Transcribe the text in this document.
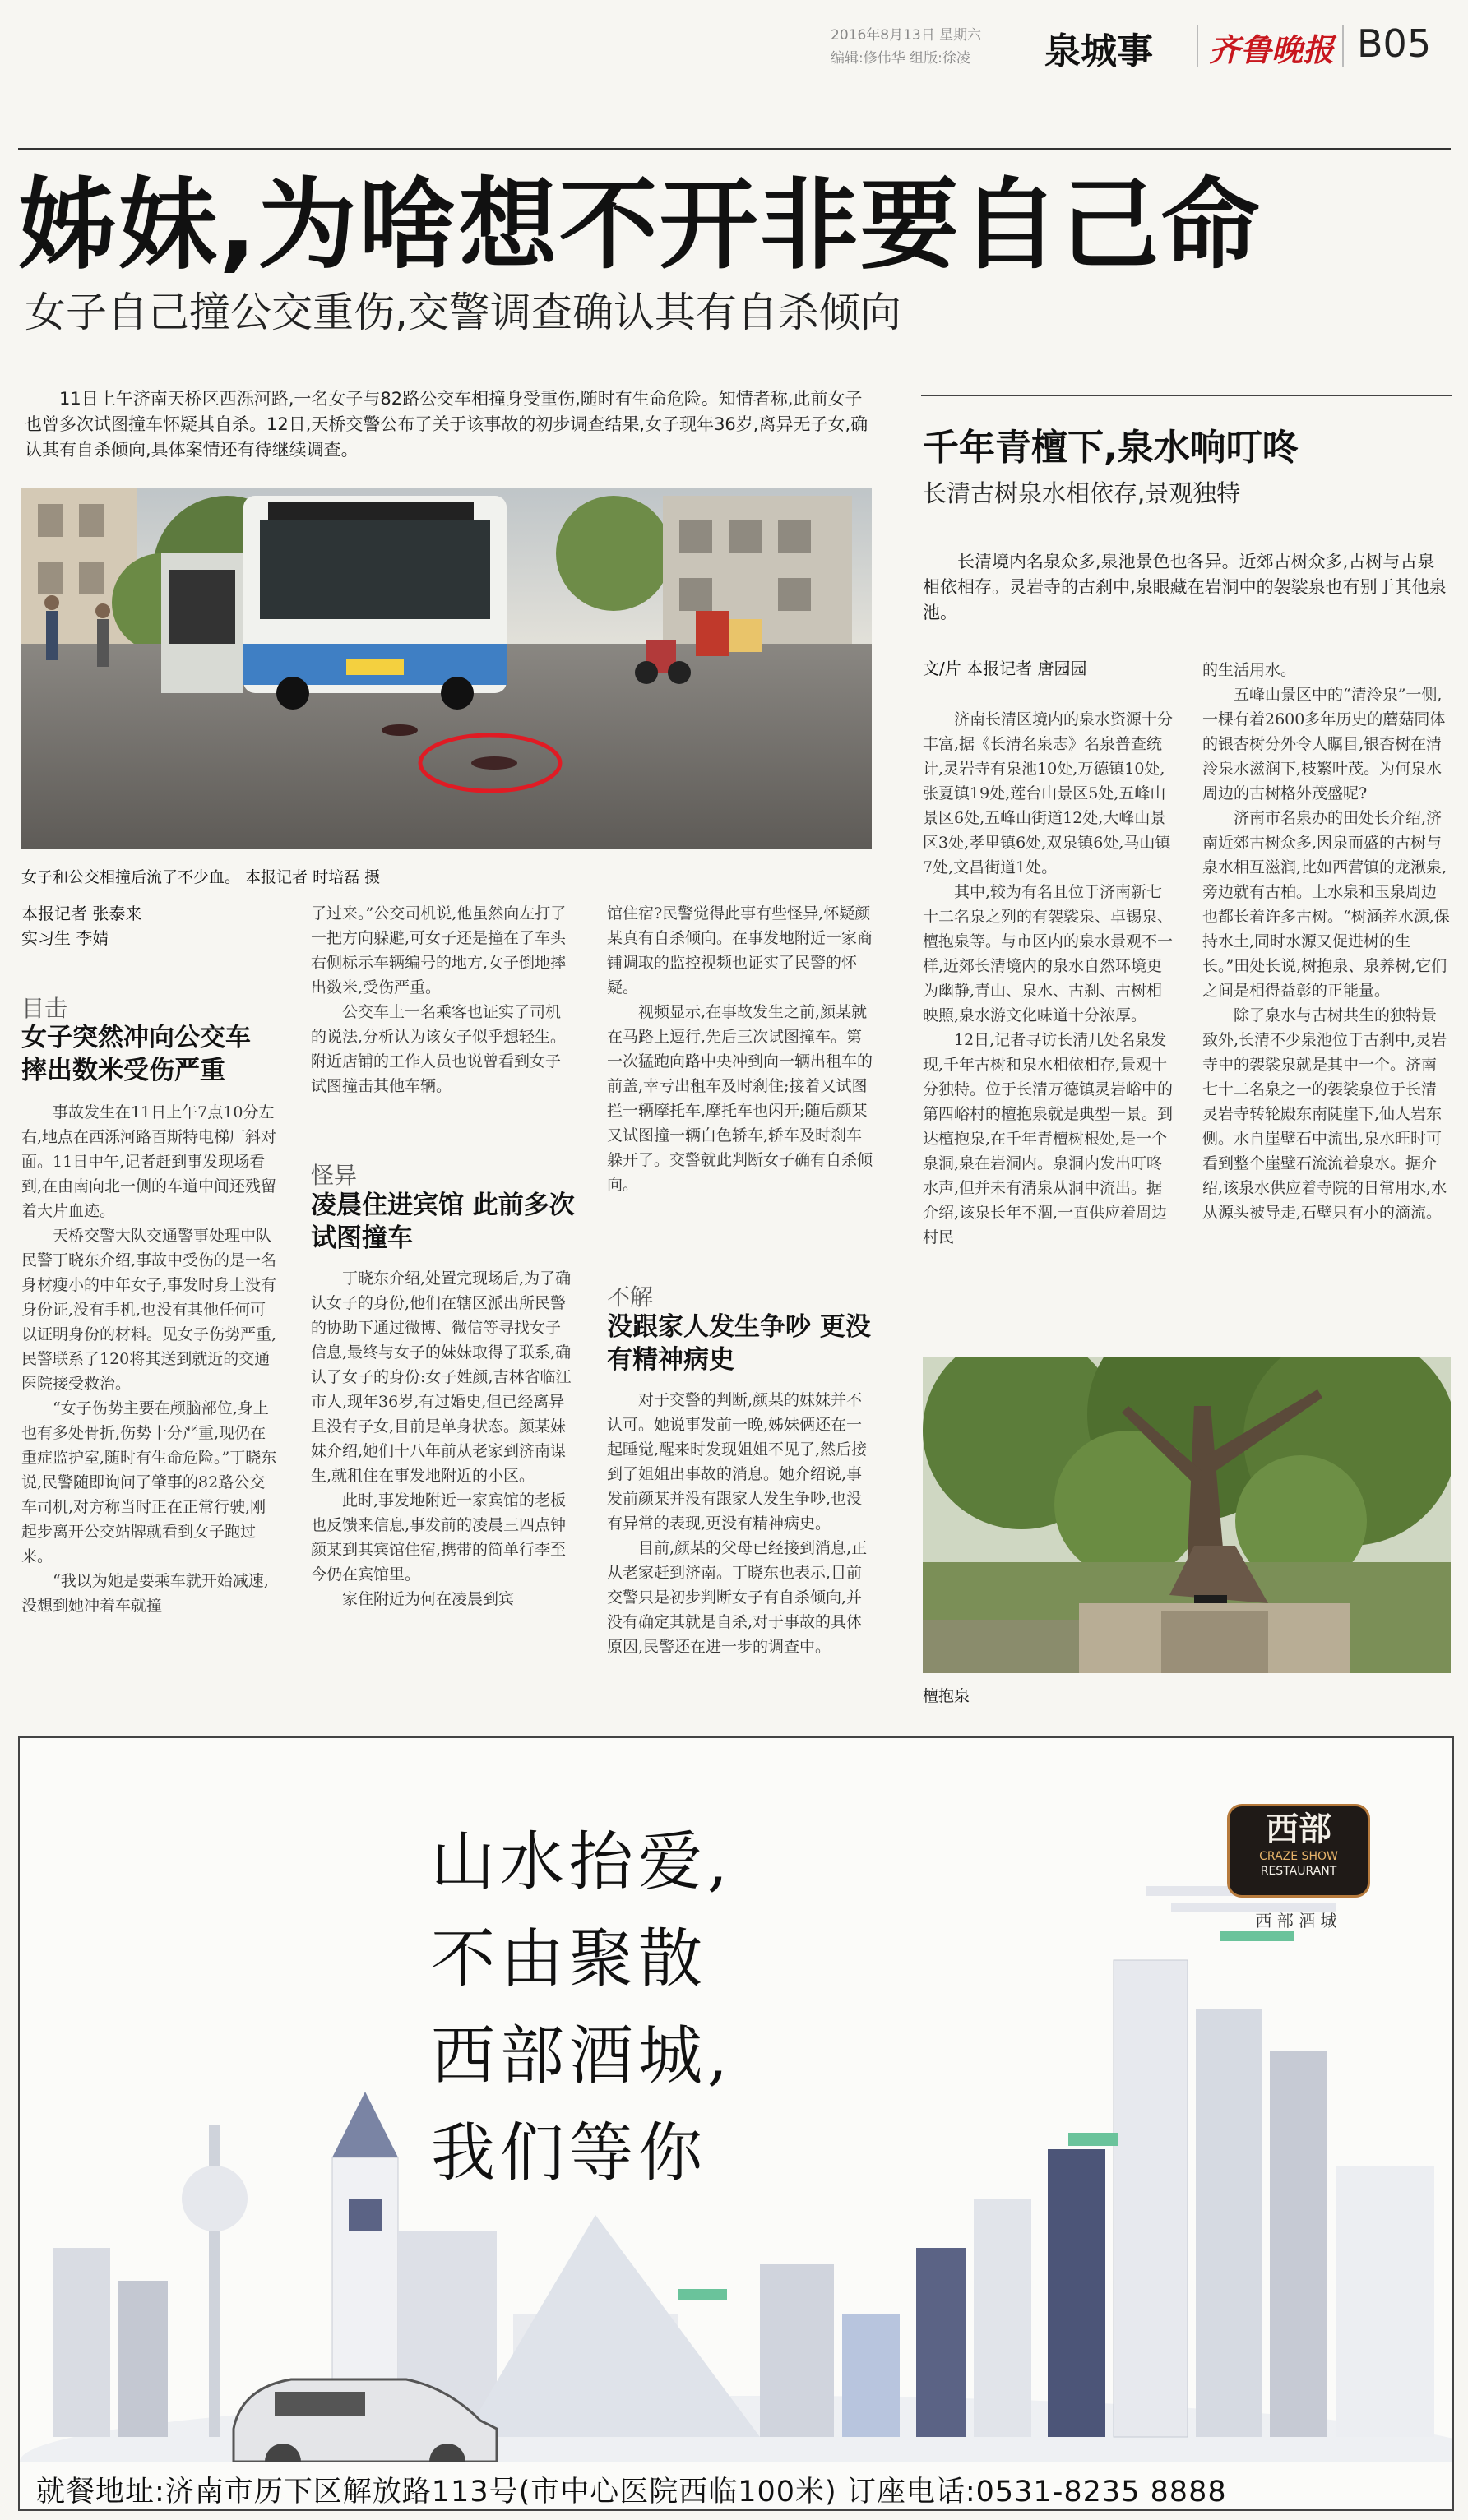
2016年8月13日 星期六
编辑:修伟华 组版:徐凌 泉城事 齐鲁晚报 B05
姊妹,为啥想不开非要自己命
女子自己撞公交重伤,交警调查确认其有自杀倾向

11日上午济南天桥区西泺河路,一名女子与82路公交车相撞身受重伤,随时有生命危险。知情者称,此前女子也曾多次试图撞车怀疑其自杀。12日,天桥交警公布了关于该事故的初步调查结果,女子现年36岁,离异无子女,确认其有自杀倾向,具体案情还有待继续调查。

女子和公交相撞后流了不少血。 本报记者 时培磊 摄
本报记者 张泰来
实习生 李婧
目击
女子突然冲向公交车 摔出数米受伤严重

事故发生在11日上午7点10分左右,地点在西泺河路百斯特电梯厂斜对面。11日中午,记者赶到事发现场看到,在由南向北一侧的车道中间还残留着大片血迹。

天桥交警大队交通警事处理中队民警丁晓东介绍,事故中受伤的是一名身材瘦小的中年女子,事发时身上没有身份证,没有手机,也没有其他任何可以证明身份的材料。见女子伤势严重,民警联系了120将其送到就近的交通医院接受救治。

“女子伤势主要在颅脑部位,身上也有多处骨折,伤势十分严重,现仍在重症监护室,随时有生命危险。”丁晓东说,民警随即询问了肇事的82路公交车司机,对方称当时正在正常行驶,刚起步离开公交站牌就看到女子跑过来。

“我以为她是要乘车就开始减速,没想到她冲着车就撞

了过来。”公交司机说,他虽然向左打了一把方向躲避,可女子还是撞在了车头右侧标示车辆编号的地方,女子倒地摔出数米,受伤严重。

公交车上一名乘客也证实了司机的说法,分析认为该女子似乎想轻生。附近店铺的工作人员也说曾看到女子试图撞击其他车辆。

怪异
凌晨住进宾馆 此前多次试图撞车

丁晓东介绍,处置完现场后,为了确认女子的身份,他们在辖区派出所民警的协助下通过微博、微信等寻找女子信息,最终与女子的妹妹取得了联系,确认了女子的身份:女子姓颜,吉林省临江市人,现年36岁,有过婚史,但已经离异且没有子女,目前是单身状态。颜某妹妹介绍,她们十八年前从老家到济南谋生,就租住在事发地附近的小区。

此时,事发地附近一家宾馆的老板也反馈来信息,事发前的凌晨三四点钟颜某到其宾馆住宿,携带的简单行李至今仍在宾馆里。

家住附近为何在凌晨到宾

馆住宿?民警觉得此事有些怪异,怀疑颜某真有自杀倾向。在事发地附近一家商铺调取的监控视频也证实了民警的怀疑。

视频显示,在事故发生之前,颜某就在马路上逗行,先后三次试图撞车。第一次猛跑向路中央冲到向一辆出租车的前盖,幸亏出租车及时刹住;接着又试图拦一辆摩托车,摩托车也闪开;随后颜某又试图撞一辆白色轿车,轿车及时刹车躲开了。交警就此判断女子确有自杀倾向。

不解
没跟家人发生争吵 更没有精神病史

对于交警的判断,颜某的妹妹并不认可。她说事发前一晚,姊妹俩还在一起睡觉,醒来时发现姐姐不见了,然后接到了姐姐出事故的消息。她介绍说,事发前颜某并没有跟家人发生争吵,也没有异常的表现,更没有精神病史。

目前,颜某的父母已经接到消息,正从老家赶到济南。丁晓东也表示,目前交警只是初步判断女子有自杀倾向,并没有确定其就是自杀,对于事故的具体原因,民警还在进一步的调查中。

千年青檀下,泉水响叮咚
长清古树泉水相依存,景观独特

长清境内名泉众多,泉池景色也各异。近郊古树众多,古树与古泉相依相存。灵岩寺的古刹中,泉眼藏在岩洞中的袈裟泉也有别于其他泉池。

文/片 本报记者 唐园园

济南长清区境内的泉水资源十分丰富,据《长清名泉志》名泉普查统计,灵岩寺有泉池10处,万德镇10处,张夏镇19处,莲台山景区5处,五峰山景区6处,五峰山街道12处,大峰山景区3处,孝里镇6处,双泉镇6处,马山镇7处,文昌街道1处。

其中,较为有名且位于济南新七十二名泉之列的有袈裟泉、卓锡泉、檀抱泉等。与市区内的泉水景观不一样,近郊长清境内的泉水自然环境更为幽静,青山、泉水、古刹、古树相映照,泉水游文化味道十分浓厚。

12日,记者寻访长清几处名泉发现,千年古树和泉水相依相存,景观十分独特。位于长清万德镇灵岩峪中的第四峪村的檀抱泉就是典型一景。到达檀抱泉,在千年青檀树根处,是一个泉洞,泉在岩洞内。泉洞内发出叮咚水声,但并未有清泉从洞中流出。据介绍,该泉长年不涸,一直供应着周边村民

的生活用水。

五峰山景区中的“清泠泉”一侧,一棵有着2600多年历史的蘑菇同体的银杏树分外令人瞩目,银杏树在清泠泉水滋润下,枝繁叶茂。为何泉水周边的古树格外茂盛呢?

济南市名泉办的田处长介绍,济南近郊古树众多,因泉而盛的古树与泉水相互滋润,比如西营镇的龙湫泉,旁边就有古柏。上水泉和玉泉周边也都长着许多古树。“树涵养水源,保持水土,同时水源又促进树的生长。”田处长说,树抱泉、泉养树,它们之间是相得益彰的正能量。

除了泉水与古树共生的独特景致外,长清不少泉池位于古刹中,灵岩寺中的袈裟泉就是其中一个。济南七十二名泉之一的袈裟泉位于长清灵岩寺转轮殿东南陡崖下,仙人岩东侧。水自崖壁石中流出,泉水旺时可看到整个崖壁石流流着泉水。据介绍,该泉水供应着寺院的日常用水,水从源头被导走,石壁只有小的滴流。

檀抱泉
山水抬爱,
不由聚散
西部酒城,
我们等你
西部
CRAZE SHOW
RESTAURANT
西 部 酒 城
就餐地址:济南市历下区解放路113号(市中心医院西临100米) 订座电话:0531-8235 8888
